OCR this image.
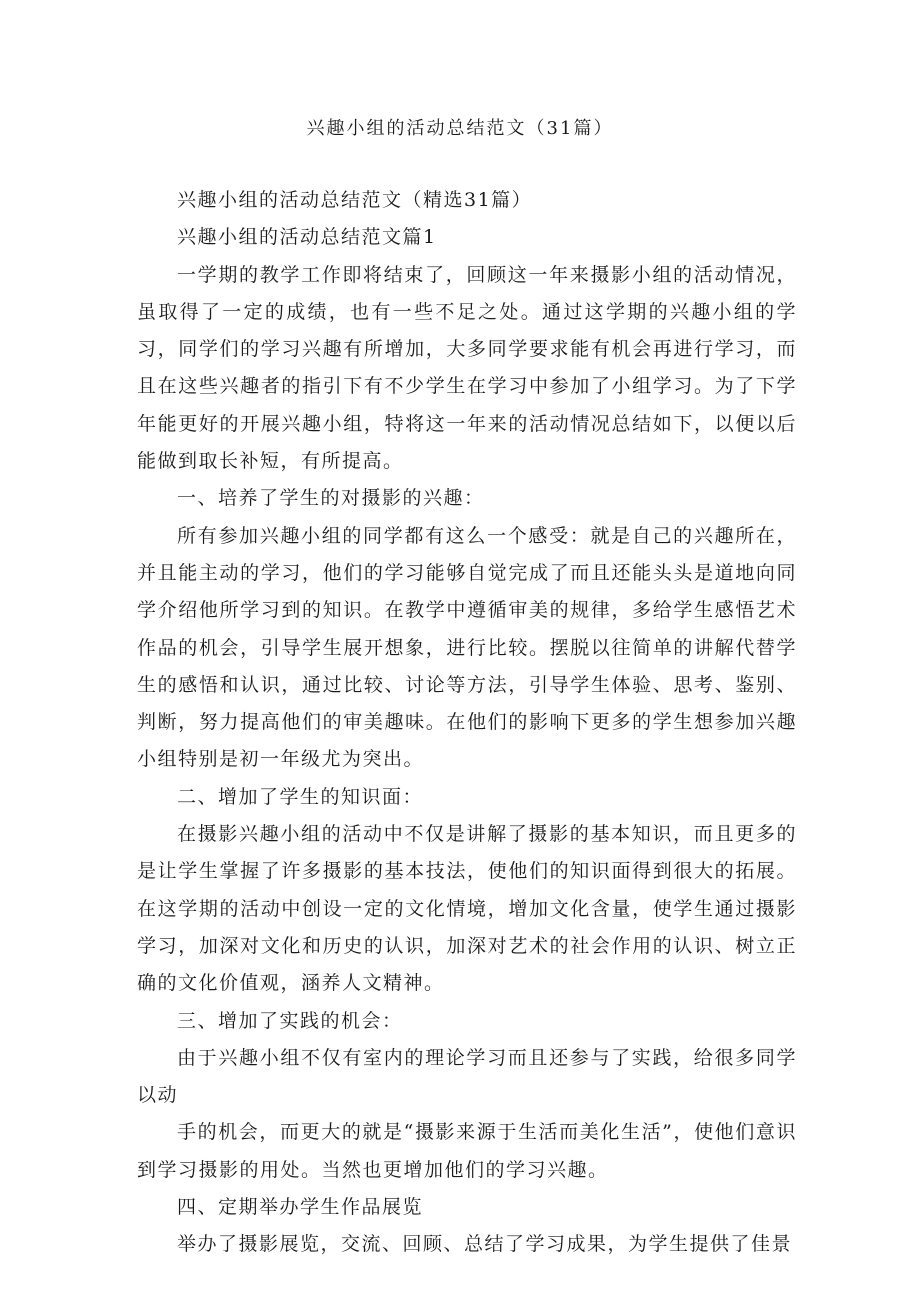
兴趣小组的活动总结范文（31篇）

兴趣小组的活动总结范文（精选31篇）

兴趣小组的活动总结范文篇1

一学期的教学工作即将结束了，回顾这一年来摄影小组的活动情况，虽取得了一定的成绩，也有一些不足之处。通过这学期的兴趣小组的学习，同学们的学习兴趣有所增加，大多同学要求能有机会再进行学习，而且在这些兴趣者的指引下有不少学生在学习中参加了小组学习。为了下学年能更好的开展兴趣小组，特将这一年来的活动情况总结如下，以便以后能做到取长补短，有所提高。

一、培养了学生的对摄影的兴趣：

所有参加兴趣小组的同学都有这么一个感受：就是自己的兴趣所在，并且能主动的学习，他们的学习能够自觉完成了而且还能头头是道地向同学介绍他所学习到的知识。在教学中遵循审美的规律，多给学生感悟艺术作品的机会，引导学生展开想象，进行比较。摆脱以往简单的讲解代替学生的感悟和认识，通过比较、讨论等方法，引导学生体验、思考、鉴别、判断，努力提高他们的审美趣味。在他们的影响下更多的学生想参加兴趣小组特别是初一年级尤为突出。

二、增加了学生的知识面：

在摄影兴趣小组的活动中不仅是讲解了摄影的基本知识，而且更多的是让学生掌握了许多摄影的基本技法，使他们的知识面得到很大的拓展。在这学期的活动中创设一定的文化情境，增加文化含量，使学生通过摄影学习，加深对文化和历史的认识，加深对艺术的社会作用的认识、树立正确的文化价值观，涵养人文精神。

三、增加了实践的机会：

由于兴趣小组不仅有室内的理论学习而且还参与了实践，给很多同学以动

手的机会，而更大的就是“摄影来源于生活而美化生活”，使他们意识到学习摄影的用处。当然也更增加他们的学习兴趣。

四、定期举办学生作品展览

举办了摄影展览，交流、回顾、总结了学习成果，为学生提供了佳景
